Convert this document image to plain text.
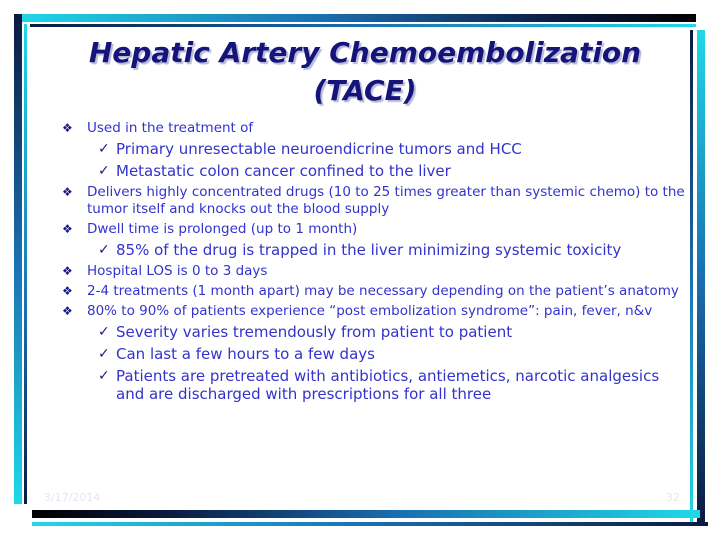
Hepatic Artery Chemoembolization
(TACE)
❖ Used in the treatment of
✓ Primary unresectable neuroendicrine tumors and HCC
✓ Metastatic colon cancer confined to the liver
❖ Delivers highly concentrated drugs (10 to 25 times greater than systemic chemo) to the tumor itself and knocks out the blood supply
❖ Dwell time is prolonged (up to 1 month)
✓ 85% of the drug is trapped in the liver minimizing systemic toxicity
❖ Hospital LOS is 0 to 3 days
❖ 2-4 treatments (1 month apart) may be necessary depending on the patient’s anatomy
❖ 80% to 90% of patients experience “post embolization syndrome”: pain, fever, n&v
✓ Severity varies tremendously from patient to patient
✓ Can last a few hours to a few days
✓ Patients are pretreated with antibiotics, antiemetics, narcotic analgesics and are discharged with prescriptions for all three
3/17/2014	32
